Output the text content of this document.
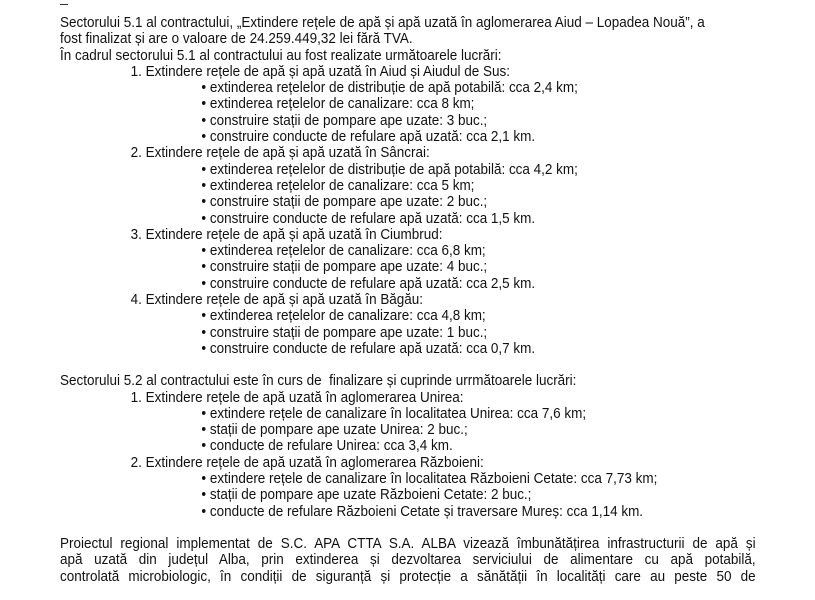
Sectorului 5.1 al contractului, „Extindere rețele de apă și apă uzată în aglomerarea Aiud – Lopadea Nouă”, a
fost finalizat și are o valoare de 24.259.449,32 lei fără TVA.
În cadrul sectorului 5.1 al contractului au fost realizate următoarele lucrări:
1. Extindere rețele de apă și apă uzată în Aiud și Aiudul de Sus:
• extinderea rețelelor de distribuție de apă potabilă: cca 2,4 km;
• extinderea rețelelor de canalizare: cca 8 km;
• construire stații de pompare ape uzate: 3 buc.;
• construire conducte de refulare apă uzată: cca 2,1 km.
2. Extindere rețele de apă și apă uzată în Sâncrai:
• extinderea rețelelor de distribuție de apă potabilă: cca 4,2 km;
• extinderea rețelelor de canalizare: cca 5 km;
• construire stații de pompare ape uzate: 2 buc.;
• construire conducte de refulare apă uzată: cca 1,5 km.
3. Extindere rețele de apă și apă uzată în Ciumbrud:
• extinderea rețelelor de canalizare: cca 6,8 km;
• construire stații de pompare ape uzate: 4 buc.;
• construire conducte de refulare apă uzată: cca 2,5 km.
4. Extindere rețele de apă și apă uzată în Băgău:
• extinderea rețelelor de canalizare: cca 4,8 km;
• construire stații de pompare ape uzate: 1 buc.;
• construire conducte de refulare apă uzată: cca 0,7 km.
Sectorului 5.2 al contractului este în curs de  finalizare și cuprinde urrmătoarele lucrări:
1. Extindere rețele de apă uzată în aglomerarea Unirea:
• extindere rețele de canalizare în localitatea Unirea: cca 7,6 km;
• stații de pompare ape uzate Unirea: 2 buc.;
• conducte de refulare Unirea: cca 3,4 km.
2. Extindere rețele de apă uzată în aglomerarea Războieni:
• extindere rețele de canalizare în localitatea Războieni Cetate: cca 7,73 km;
• stații de pompare ape uzate Războieni Cetate: 2 buc.;
• conducte de refulare Războieni Cetate și traversare Mureș: cca 1,14 km.
Proiectul regional implementat de S.C. APA CTTA S.A. ALBA vizează îmbunătățirea infrastructurii de apă și
apă uzată din județul Alba, prin extinderea și dezvoltarea serviciului de alimentare cu apă potabilă,
controlată microbiologic, în condiții de siguranță și protecție a sănătății în localități care au peste 50 de
